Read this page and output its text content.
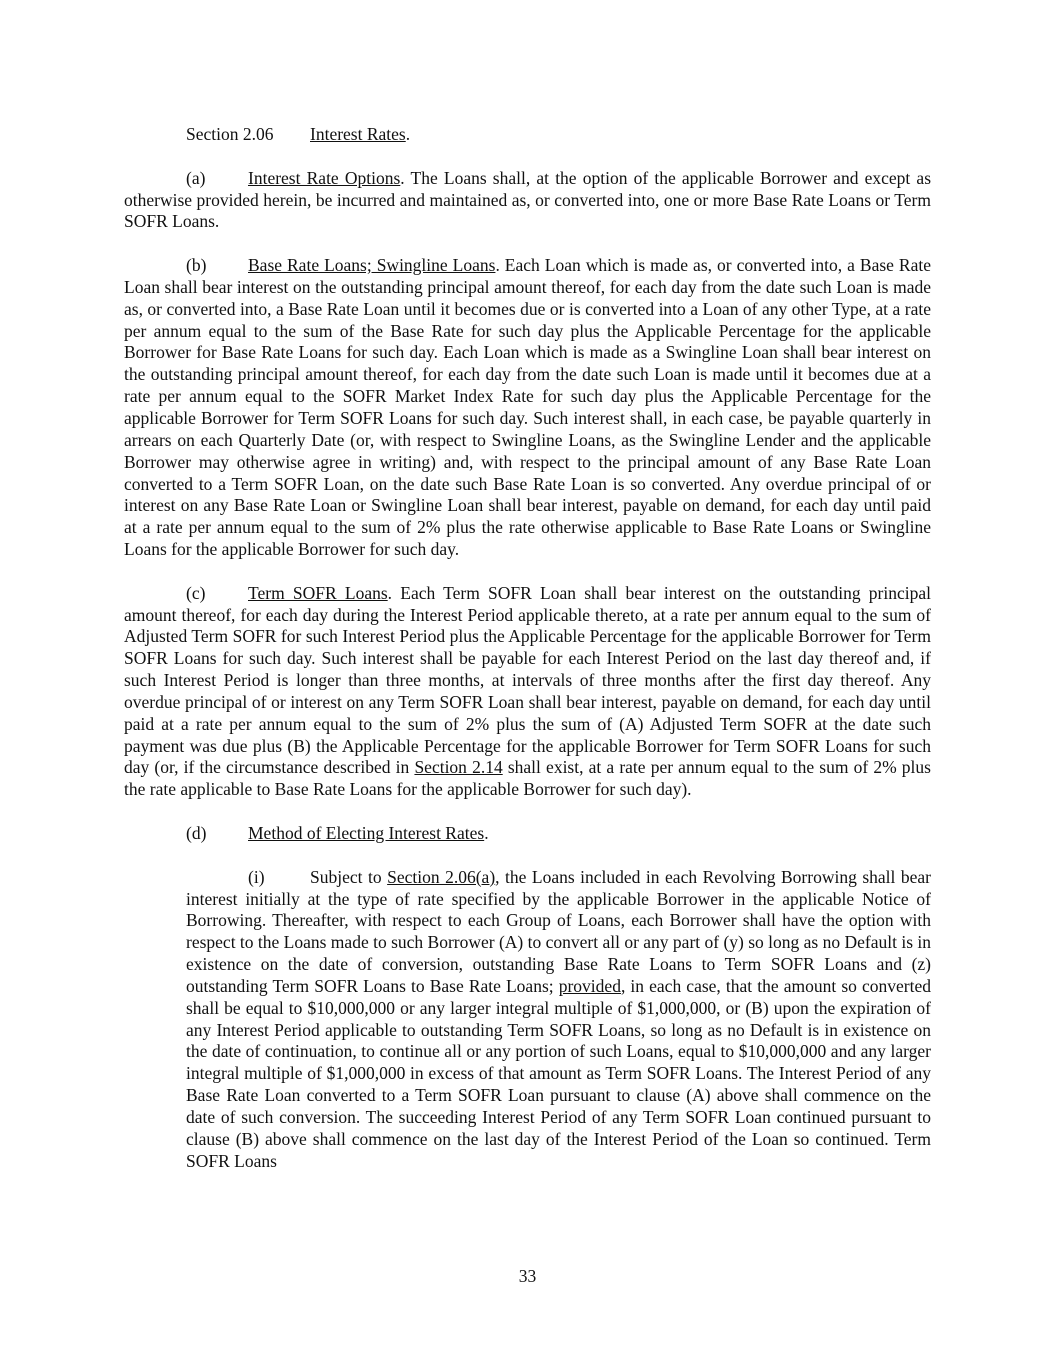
Section 2.06 Interest Rates.

(a) Interest Rate Options. The Loans shall, at the option of the applicable Borrower and except as otherwise provided herein, be incurred and maintained as, or converted into, one or more Base Rate Loans or Term SOFR Loans.

(b) Base Rate Loans; Swingline Loans. Each Loan which is made as, or converted into, a Base Rate Loan shall bear interest on the outstanding principal amount thereof, for each day from the date such Loan is made as, or converted into, a Base Rate Loan until it becomes due or is converted into a Loan of any other Type, at a rate per annum equal to the sum of the Base Rate for such day plus the Applicable Percentage for the applicable Borrower for Base Rate Loans for such day. Each Loan which is made as a Swingline Loan shall bear interest on the outstanding principal amount thereof, for each day from the date such Loan is made until it becomes due at a rate per annum equal to the SOFR Market Index Rate for such day plus the Applicable Percentage for the applicable Borrower for Term SOFR Loans for such day. Such interest shall, in each case, be payable quarterly in arrears on each Quarterly Date (or, with respect to Swingline Loans, as the Swingline Lender and the applicable Borrower may otherwise agree in writing) and, with respect to the principal amount of any Base Rate Loan converted to a Term SOFR Loan, on the date such Base Rate Loan is so converted. Any overdue principal of or interest on any Base Rate Loan or Swingline Loan shall bear interest, payable on demand, for each day until paid at a rate per annum equal to the sum of 2% plus the rate otherwise applicable to Base Rate Loans or Swingline Loans for the applicable Borrower for such day.

(c) Term SOFR Loans. Each Term SOFR Loan shall bear interest on the outstanding principal amount thereof, for each day during the Interest Period applicable thereto, at a rate per annum equal to the sum of Adjusted Term SOFR for such Interest Period plus the Applicable Percentage for the applicable Borrower for Term SOFR Loans for such day. Such interest shall be payable for each Interest Period on the last day thereof and, if such Interest Period is longer than three months, at intervals of three months after the first day thereof. Any overdue principal of or interest on any Term SOFR Loan shall bear interest, payable on demand, for each day until paid at a rate per annum equal to the sum of 2% plus the sum of (A) Adjusted Term SOFR at the date such payment was due plus (B) the Applicable Percentage for the applicable Borrower for Term SOFR Loans for such day (or, if the circumstance described in Section 2.14 shall exist, at a rate per annum equal to the sum of 2% plus the rate applicable to Base Rate Loans for the applicable Borrower for such day).

(d) Method of Electing Interest Rates.

(i)	Subject to Section 2.06(a), the Loans included in each Revolving Borrowing shall bear interest initially at the type of rate specified by the applicable Borrower in the applicable Notice of Borrowing. Thereafter, with respect to each Group of Loans, each Borrower shall have the option with respect to the Loans made to such Borrower (A) to convert all or any part of (y) so long as no Default is in existence on the date of conversion, outstanding Base Rate Loans to Term SOFR Loans and (z) outstanding Term SOFR Loans to Base Rate Loans; provided, in each case, that the amount so converted shall be equal to $10,000,000 or any larger integral multiple of $1,000,000, or (B) upon the expiration of any Interest Period applicable to outstanding Term SOFR Loans, so long as no Default is in existence on the date of continuation, to continue all or any portion of such Loans, equal to $10,000,000 and any larger integral multiple of $1,000,000 in excess of that amount as Term SOFR Loans. The Interest Period of any Base Rate Loan converted to a Term SOFR Loan pursuant to clause (A) above shall commence on the date of such conversion. The succeeding Interest Period of any Term SOFR Loan continued pursuant to clause (B) above shall commence on the last day of the Interest Period of the Loan so continued. Term SOFR Loans

33
